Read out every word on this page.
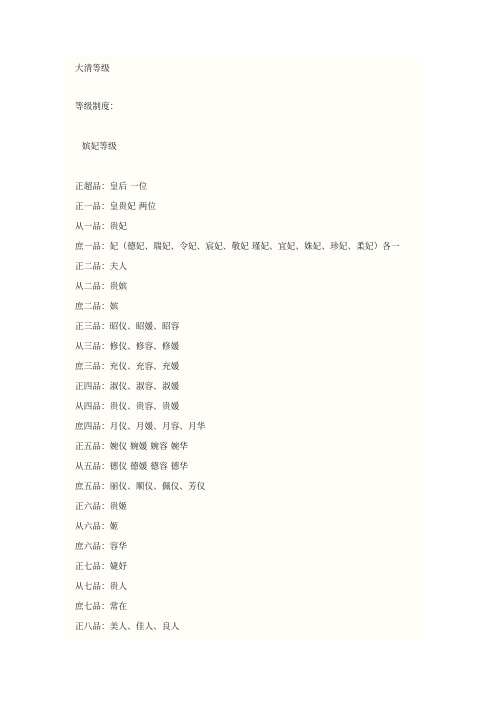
大清等级
等级制度：
嫔妃等级
正超品：皇后 一位
正一品：皇贵妃 两位
从一品：贵妃
庶一品：妃（德妃、瑞妃、令妃、宸妃、敬妃 瑾妃、宜妃、姝妃、珍妃、柔妃）各一
正二品：夫人
从二品：贵嫔
庶二品：嫔
正三品：昭仪、昭媛、昭容
从三品：修仪、修容、修媛
庶三品：充仪、充容、充媛
正四品：淑仪、淑容、淑媛
从四品：贵仪、贵容、贵媛
庶四品：月仪、月媛、月容、月华
正五品：婉仪 婉媛 婉容 婉华
从五品：德仪 德媛 德容 德华
庶五品：丽仪、顺仪、佩仪、芳仪
正六品：贵姬
从六品：姬
庶六品：容华
正七品：婕妤
从七品：贵人
庶七品：常在
正八品：美人、佳人、良人
